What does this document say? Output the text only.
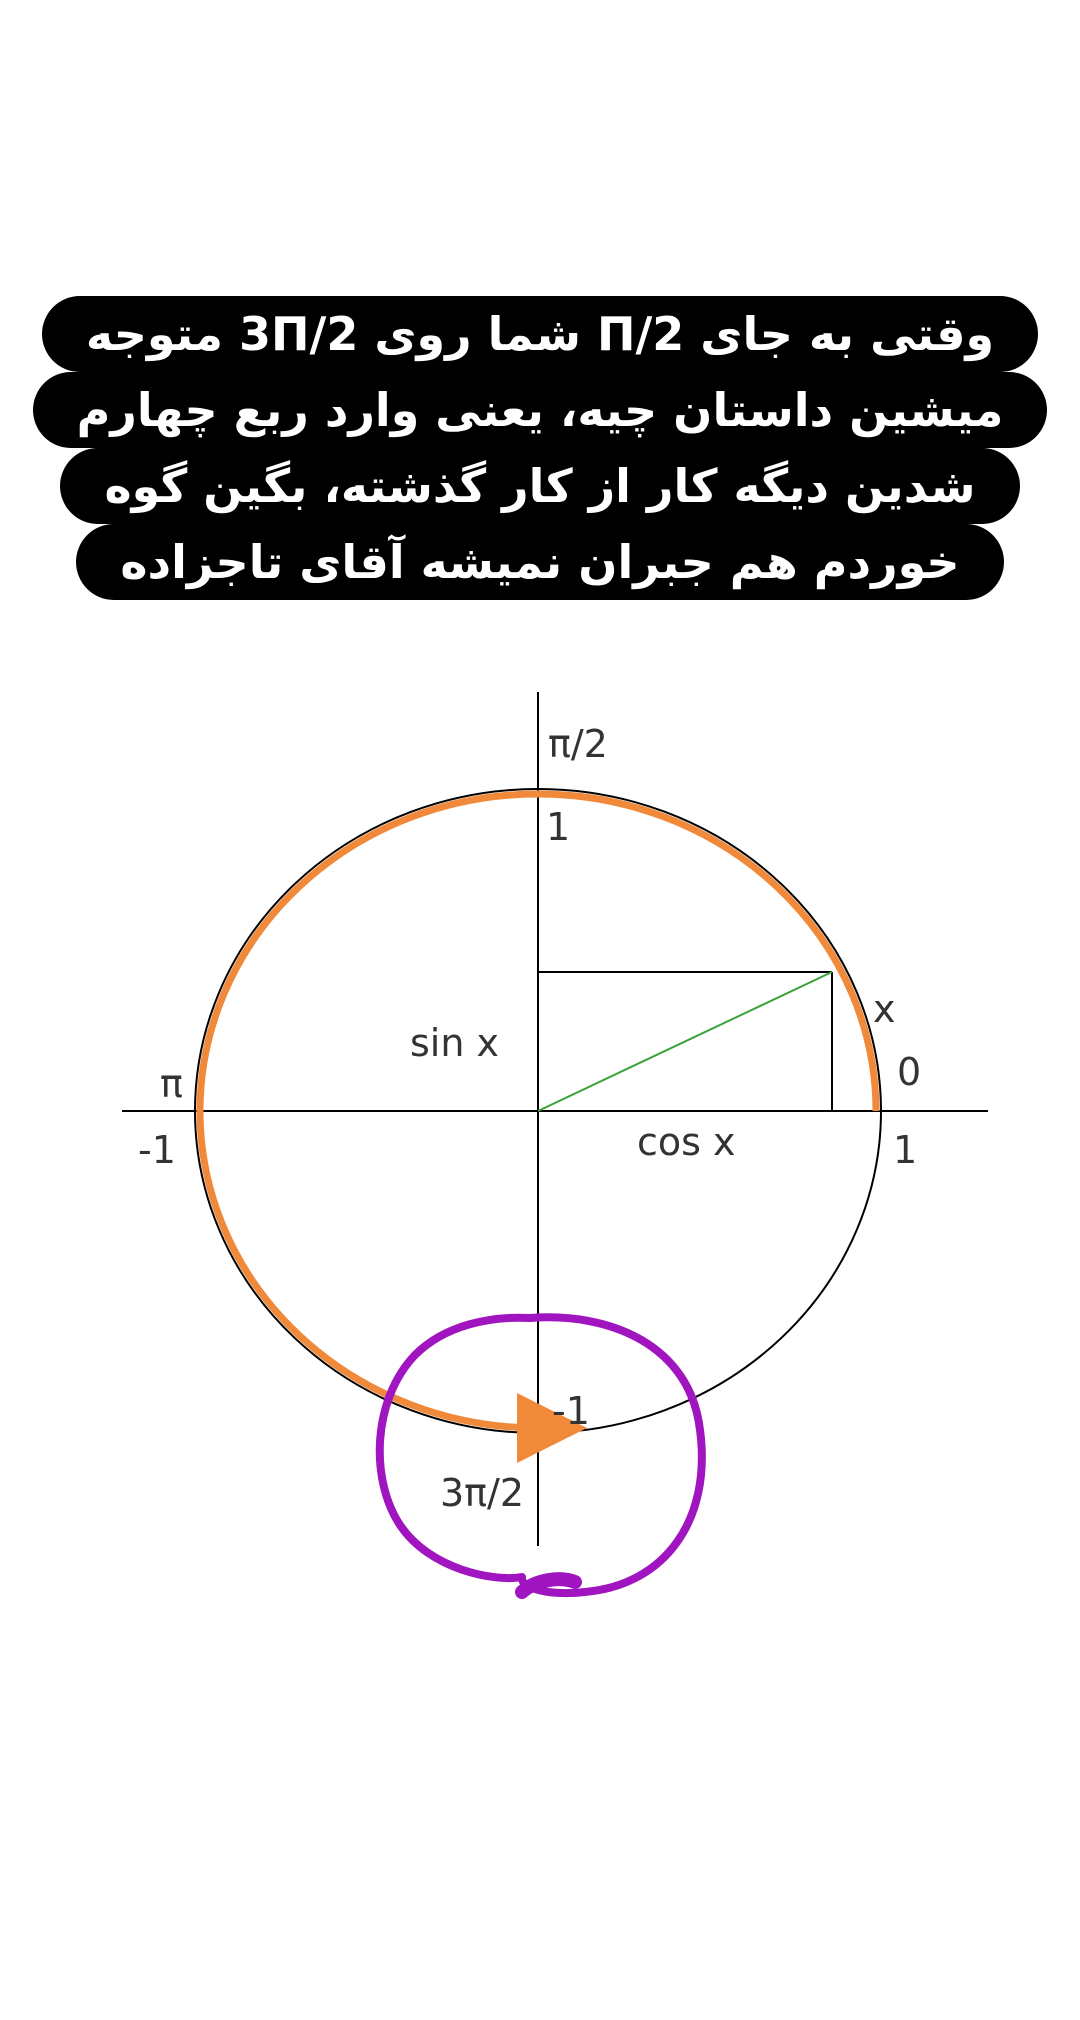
وقتی به جای Π/2 شما روی 3Π/2 متوجه
میشین داستان چیه، یعنی وارد ربع چهارم
شدین دیگه کار از کار گذشته، بگین گوه
خوردم هم جبران نمیشه آقای تاجزاده
π/2
1
π
-1
0
1
x
sin x
cos x
-1
3π/2
